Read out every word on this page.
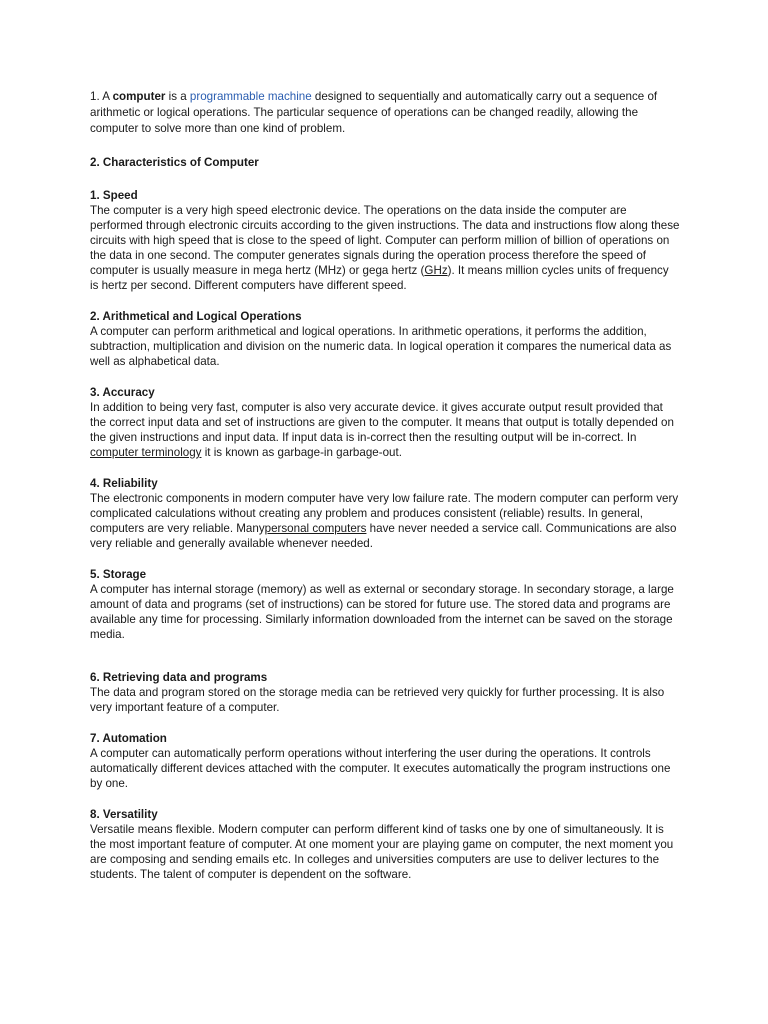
1. A computer is a programmable machine designed to sequentially and automatically carry out a sequence of arithmetic or logical operations. The particular sequence of operations can be changed readily, allowing the computer to solve more than one kind of problem.

2. Characteristics of Computer

1. Speed

The computer is a very high speed electronic device. The operations on the data inside the computer are performed through electronic circuits according to the given instructions. The data and instructions flow along these circuits with high speed that is close to the speed of light. Computer can perform million of billion of operations on the data in one second. The computer generates signals during the operation process therefore the speed of computer is usually measure in mega hertz (MHz) or gega hertz (GHz). It means million cycles units of frequency is hertz per second. Different computers have different speed.

2. Arithmetical and Logical Operations

A computer can perform arithmetical and logical operations. In arithmetic operations, it performs the addition, subtraction, multiplication and division on the numeric data. In logical operation it compares the numerical data as well as alphabetical data.

3. Accuracy

In addition to being very fast, computer is also very accurate device. it gives accurate output result provided that the correct input data and set of instructions are given to the computer. It means that output is totally depended on the given instructions and input data. If input data is in-correct then the resulting output will be in-correct. In computer terminology it is known as garbage-in garbage-out.

4. Reliability

The electronic components in modern computer have very low failure rate. The modern computer can perform very complicated calculations without creating any problem and produces consistent (reliable) results. In general, computers are very reliable. Manypersonal computers have never needed a service call. Communications are also very reliable and generally available whenever needed.

5. Storage

A computer has internal storage (memory) as well as external or secondary storage. In secondary storage, a large amount of data and programs (set of instructions) can be stored for future use. The stored data and programs are available any time for processing. Similarly information downloaded from the internet can be saved on the storage media.

6. Retrieving data and programs

The data and program stored on the storage media can be retrieved very quickly for further processing. It is also very important feature of a computer.

7. Automation

A computer can automatically perform operations without interfering the user during the operations. It controls automatically different devices attached with the computer. It executes automatically the program instructions one by one.

8. Versatility

Versatile means flexible. Modern computer can perform different kind of tasks one by one of simultaneously. It is the most important feature of computer. At one moment your are playing game on computer, the next moment you are composing and sending emails etc. In colleges and universities computers are use to deliver lectures to the students. The talent of computer is dependent on the software.
